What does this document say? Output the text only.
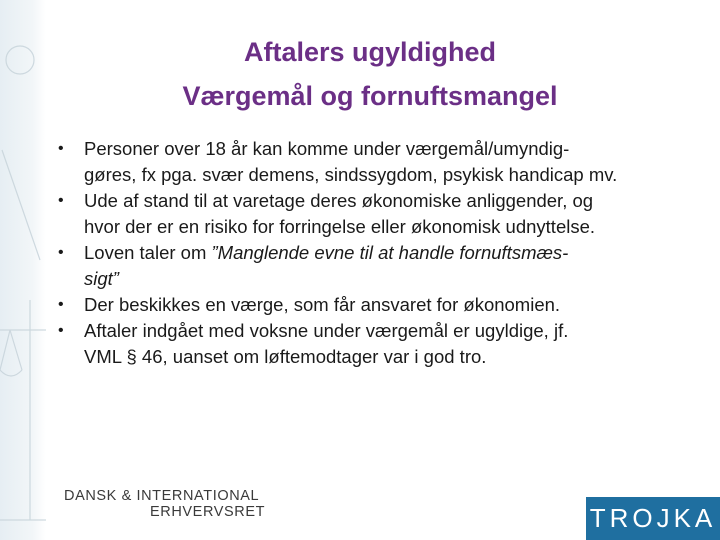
Aftalers ugyldighed
Værgemål og fornuftsmangel
• Personer over 18 år kan komme under værgemål/umyndig-
gøres, fx pga. svær demens, sindssygdom, psykisk handicap mv.
• Ude af stand til at varetage deres økonomiske anliggender, og
hvor der er en risiko for forringelse eller økonomisk udnyttelse.
• Loven taler om ”Manglende evne til at handle fornuftsmæs-
sigt”
• Der beskikkes en værge, som får ansvaret for økonomien.
• Aftaler indgået med voksne under værgemål er ugyldige, jf.
VML § 46, uanset om løftemodtager var i god tro.
DANSK & INTERNATIONAL
ERHVERVSRET	TROJKA
